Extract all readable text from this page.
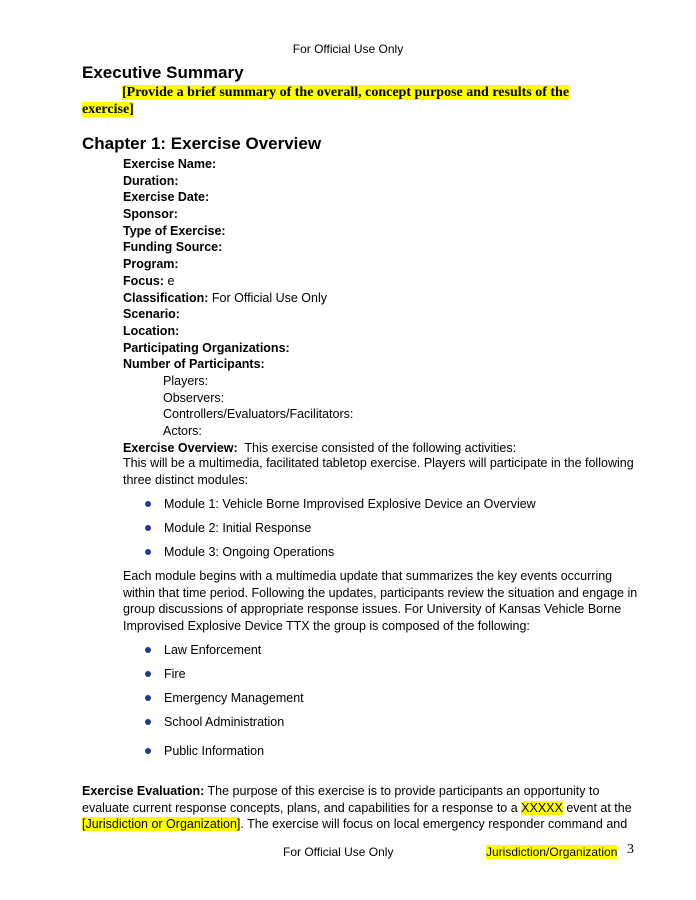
For Official Use Only
Executive Summary
[Provide a brief summary of the overall, concept purpose and results of the exercise]
Chapter 1: Exercise Overview
Exercise Name:
Duration:
Exercise Date:
Sponsor:
Type of Exercise:
Funding Source:
Program:
Focus: e
Classification: For Official Use Only
Scenario:
Location:
Participating Organizations:
Number of Participants:
Players:
Observers:
Controllers/Evaluators/Facilitators:
Actors:
Exercise Overview: This exercise consisted of the following activities:
This will be a multimedia, facilitated tabletop exercise. Players will participate in the following three distinct modules:
Module 1: Vehicle Borne Improvised Explosive Device an Overview
Module 2: Initial Response
Module 3: Ongoing Operations
Each module begins with a multimedia update that summarizes the key events occurring within that time period. Following the updates, participants review the situation and engage in group discussions of appropriate response issues. For University of Kansas Vehicle Borne Improvised Explosive Device TTX the group is composed of the following:
Law Enforcement
Fire
Emergency Management
School Administration
Public Information
Exercise Evaluation: The purpose of this exercise is to provide participants an opportunity to evaluate current response concepts, plans, and capabilities for a response to a XXXXX event at the [Jurisdiction or Organization]. The exercise will focus on local emergency responder command and
For Official Use Only	Jurisdiction/Organization 3
